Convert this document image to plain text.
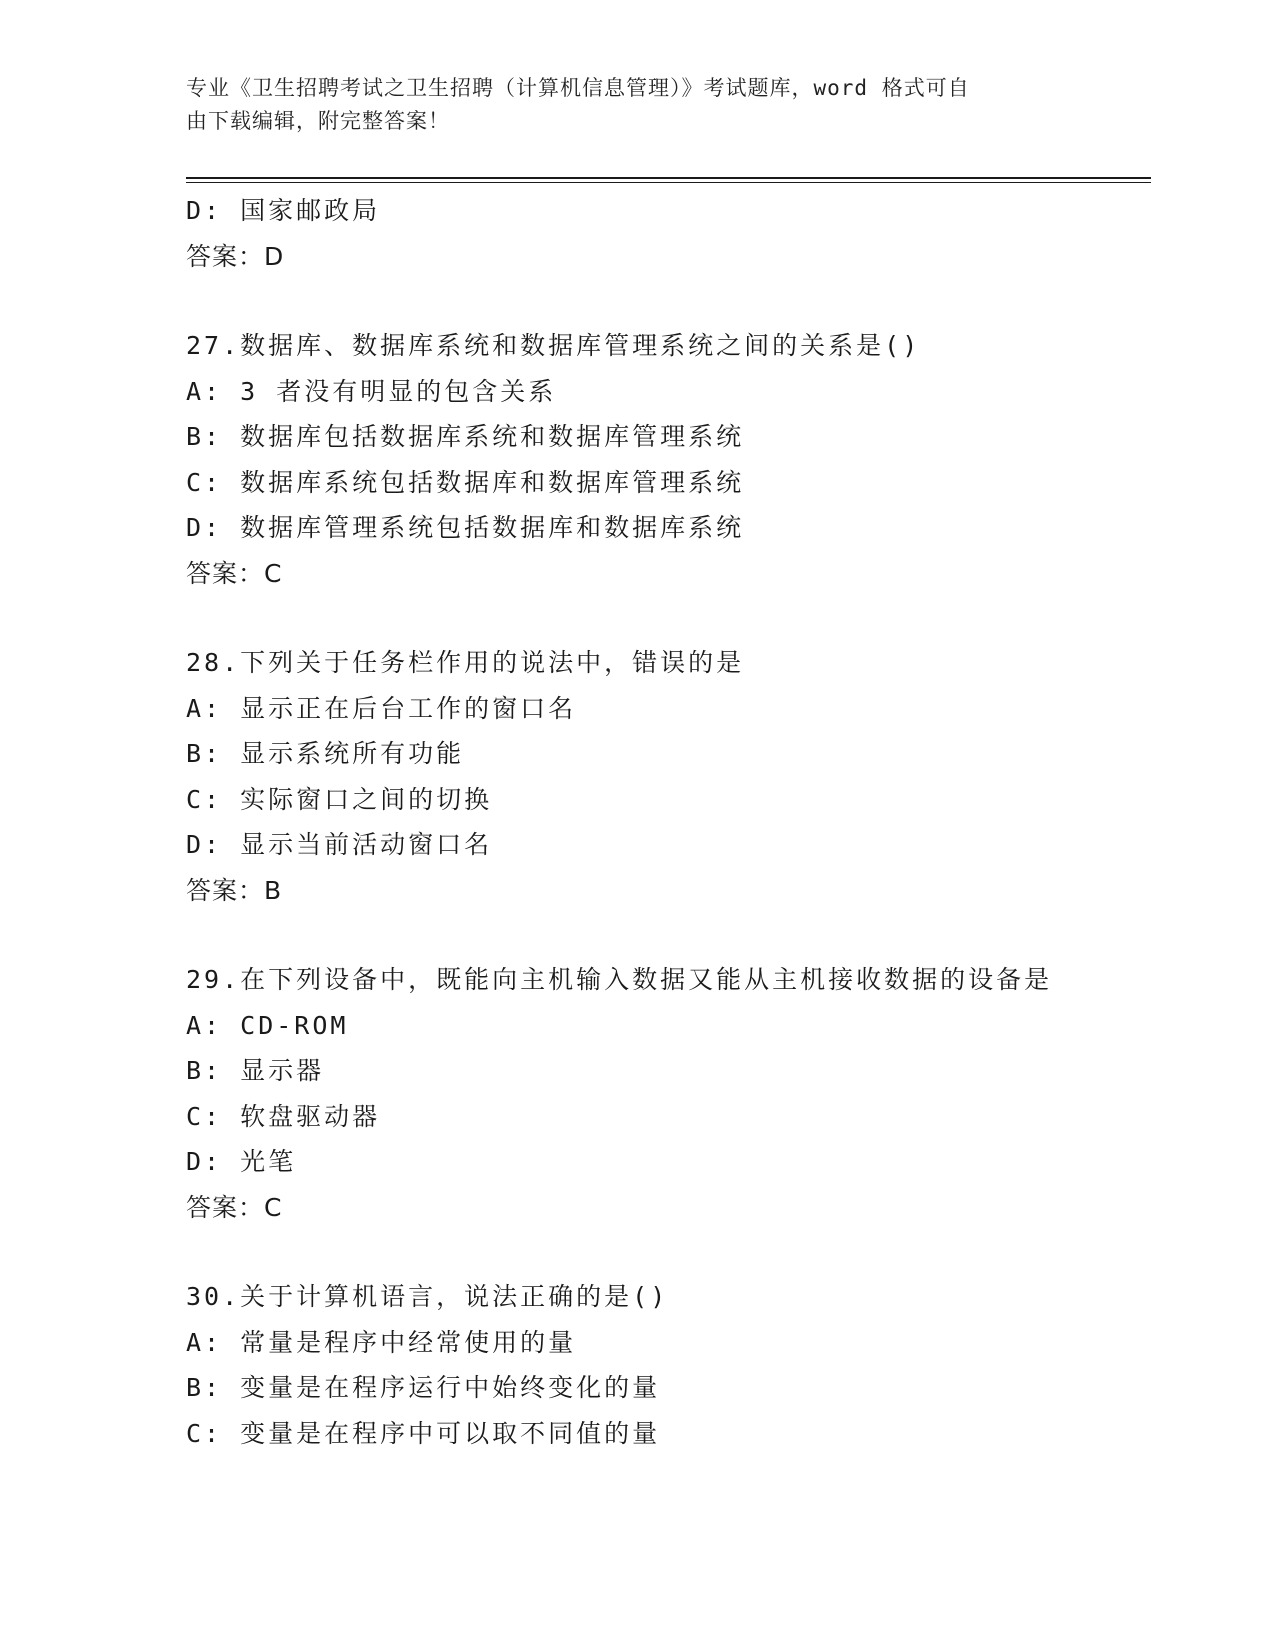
专业《卫生招聘考试之卫生招聘（计算机信息管理）》考试题库，word 格式可自
由下载编辑，附完整答案！
D: 国家邮政局
答案：D
27.数据库、数据库系统和数据库管理系统之间的关系是()
A: 3 者没有明显的包含关系
B: 数据库包括数据库系统和数据库管理系统
C: 数据库系统包括数据库和数据库管理系统
D: 数据库管理系统包括数据库和数据库系统
答案：C
28.下列关于任务栏作用的说法中，错误的是
A: 显示正在后台工作的窗口名
B: 显示系统所有功能
C: 实际窗口之间的切换
D: 显示当前活动窗口名
答案：B
29.在下列设备中，既能向主机输入数据又能从主机接收数据的设备是
A: CD-ROM
B: 显示器
C: 软盘驱动器
D: 光笔
答案：C
30.关于计算机语言，说法正确的是()
A: 常量是程序中经常使用的量
B: 变量是在程序运行中始终变化的量
C: 变量是在程序中可以取不同值的量
